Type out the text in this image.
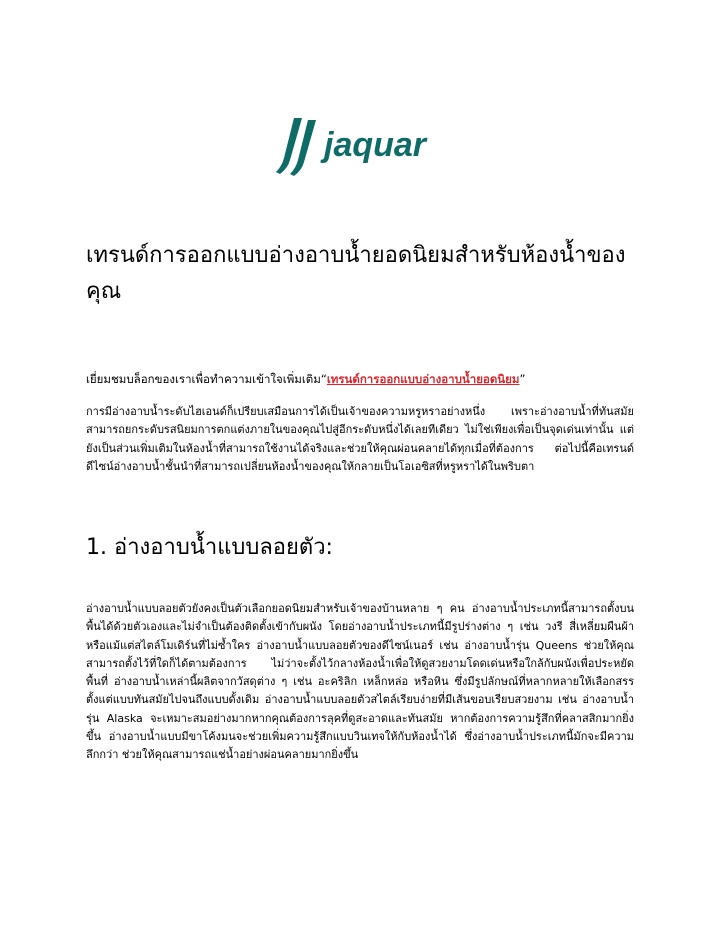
jaquar
เทรนด์การออกแบบอ่างอาบน้ำยอดนิยมสำหรับห้องน้ำของคุณ

เยี่ยมชมบล็อกของเราเพื่อทำความเข้าใจเพิ่มเติม“เทรนด์การออกแบบอ่างอาบน้ำยอดนิยม”

การมีอ่างอาบน้ำระดับไฮเอนด์ก็เปรียบเสมือนการได้เป็นเจ้าของความหรูหราอย่างหนึ่ง เพราะอ่างอาบน้ำที่ทันสมัยสามารถยกระดับรสนิยมการตกแต่งภายในของคุณไปสู่อีกระดับหนึ่งได้เลยทีเดียว ไม่ใช่เพียงเพื่อเป็นจุดเด่นเท่านั้น แต่ยังเป็นส่วนเพิ่มเติมในห้องน้ำที่สามารถใช้งานได้จริงและช่วยให้คุณผ่อนคลายได้ทุกเมื่อที่ต้องการ ต่อไปนี้คือเทรนด์ดีไซน์อ่างอาบน้ำชั้นนำที่สามารถเปลี่ยนห้องน้ำของคุณให้กลายเป็นโอเอซิสที่หรูหราได้ในพริบตา

1. อ่างอาบน้ำแบบลอยตัว:

อ่างอาบน้ำแบบลอยตัวยังคงเป็นตัวเลือกยอดนิยมสำหรับเจ้าของบ้านหลาย ๆ คน อ่างอาบน้ำประเภทนี้สามารถตั้งบนพื้นได้ด้วยตัวเองและไม่จำเป็นต้องติดตั้งเข้ากับผนัง โดยอ่างอาบน้ำประเภทนี้มีรูปร่างต่าง ๆ เช่น วงรี สี่เหลี่ยมผืนผ้า หรือแม้แต่สไตล์โมเดิร์นที่ไม่ซ้ำใคร อ่างอาบน้ำแบบลอยตัวของดีไซน์เนอร์ เช่น อ่างอาบน้ำรุ่น Queens ช่วยให้คุณสามารถตั้งไว้ที่ใดก็ได้ตามต้องการ ไม่ว่าจะตั้งไว้กลางห้องน้ำเพื่อให้ดูสวยงามโดดเด่นหรือใกล้กับผนังเพื่อประหยัดพื้นที่ อ่างอาบน้ำเหล่านี้ผลิตจากวัสดุต่าง ๆ เช่น อะคริลิก เหล็กหล่อ หรือหิน ซึ่งมีรูปลักษณ์ที่หลากหลายให้เลือกสรร ตั้งแต่แบบทันสมัยไปจนถึงแบบดั้งเดิม อ่างอาบน้ำแบบลอยตัวสไตล์เรียบง่ายที่มีเส้นขอบเรียบสวยงาม เช่น อ่างอาบน้ำรุ่น Alaska จะเหมาะสมอย่างมากหากคุณต้องการลุคที่ดูสะอาดและทันสมัย หากต้องการความรู้สึกที่คลาสสิกมากยิ่งขึ้น อ่างอาบน้ำแบบมีขาโค้งมนจะช่วยเพิ่มความรู้สึกแบบวินเทจให้กับห้องน้ำได้ ซึ่งอ่างอาบน้ำประเภทนี้มักจะมีความลึกกว่า ช่วยให้คุณสามารถแช่น้ำอย่างผ่อนคลายมากยิ่งขึ้น
